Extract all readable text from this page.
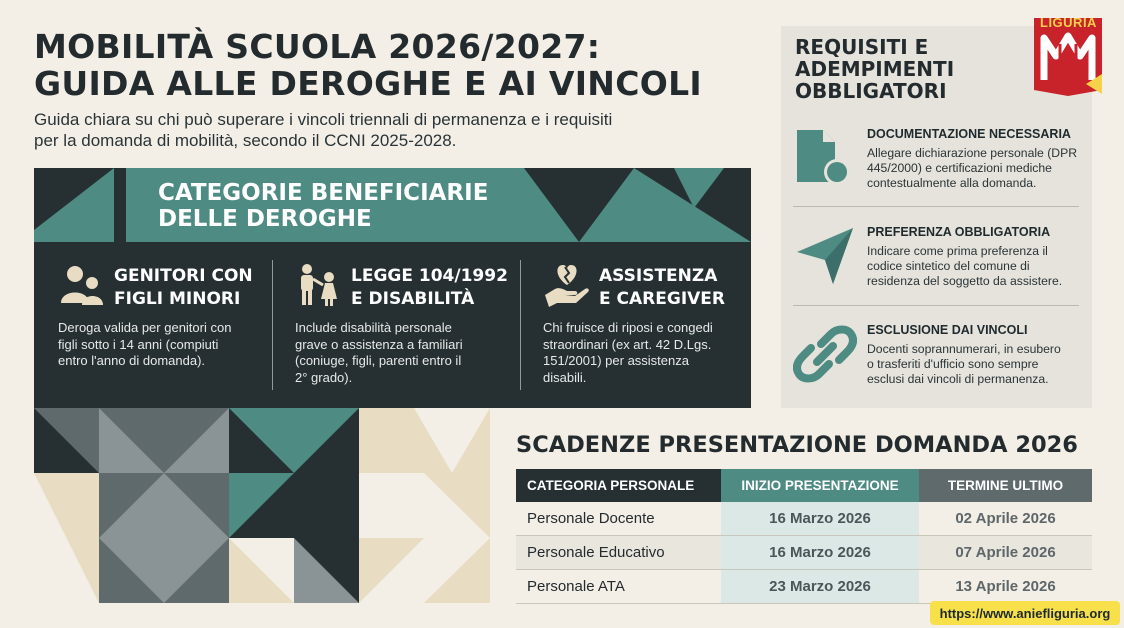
MOBILITÀ SCUOLA 2026/2027:
GUIDA ALLE DEROGHE E AI VINCOLI

Guida chiara su chi può superare i vincoli triennali di permanenza e i requisiti
per la domanda di mobilità, secondo il CCNI 2025-2028.

CATEGORIE BENEFICIARIE
DELLE DEROGHE
GENITORI CON
FIGLI MINORI
Deroga valida per genitori con
figli sotto i 14 anni (compiuti
entro l'anno di domanda).
LEGGE 104/1992
E DISABILITÀ
Include disabilità personale
grave o assistenza a familiari
(coniuge, figli, parenti entro il
2° grado).
ASSISTENZA
E CAREGIVER
Chi fruisce di riposi e congedi
straordinari (ex art. 42 D.Lgs.
151/2001) per assistenza
disabili.
REQUISITI E
ADEMPIMENTI
OBBLIGATORI
DOCUMENTAZIONE NECESSARIA
Allegare dichiarazione personale (DPR
445/2000) e certificazioni mediche
contestualmente alla domanda.
PREFERENZA OBBLIGATORIA
Indicare come prima preferenza il
codice sintetico del comune di
residenza del soggetto da assistere.
ESCLUSIONE DAI VINCOLI
Docenti soprannumerari, in esubero
o trasferiti d'ufficio sono sempre
esclusi dai vincoli di permanenza.
LIGURIA
SCADENZE PRESENTAZIONE DOMANDA 2026
CATEGORIA PERSONALE	INIZIO PRESENTAZIONE	TERMINE ULTIMO
Personale Docente	16 Marzo 2026	02 Aprile 2026
Personale Educativo	16 Marzo 2026	07 Aprile 2026
Personale ATA	23 Marzo 2026	13 Aprile 2026
https://www.aniefliguria.org
